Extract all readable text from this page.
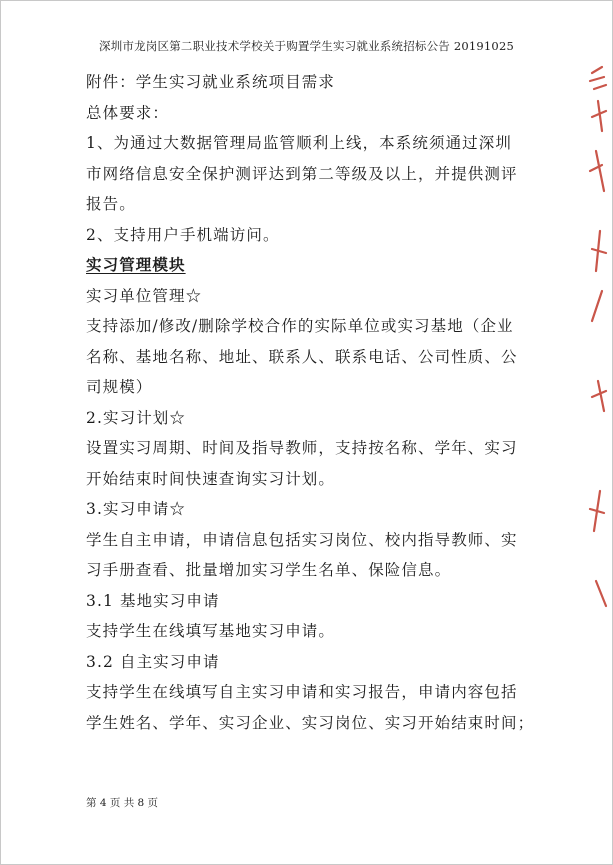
深圳市龙岗区第二职业技术学校关于购置学生实习就业系统招标公告 20191025
附件：学生实习就业系统项目需求
总体要求：
1、为通过大数据管理局监管顺利上线，本系统须通过深圳
市网络信息安全保护测评达到第二等级及以上，并提供测评
报告。
2、支持用户手机端访问。
实习管理模块
实习单位管理☆
支持添加/修改/删除学校合作的实际单位或实习基地（企业
名称、基地名称、地址、联系人、联系电话、公司性质、公
司规模）
2.实习计划☆
设置实习周期、时间及指导教师，支持按名称、学年、实习
开始结束时间快速查询实习计划。
3.实习申请☆
学生自主申请，申请信息包括实习岗位、校内指导教师、实
习手册查看、批量增加实习学生名单、保险信息。
3.1 基地实习申请
支持学生在线填写基地实习申请。
3.2 自主实习申请
支持学生在线填写自主实习申请和实习报告，申请内容包括
学生姓名、学年、实习企业、实习岗位、实习开始结束时间；
第 4 页 共 8 页
